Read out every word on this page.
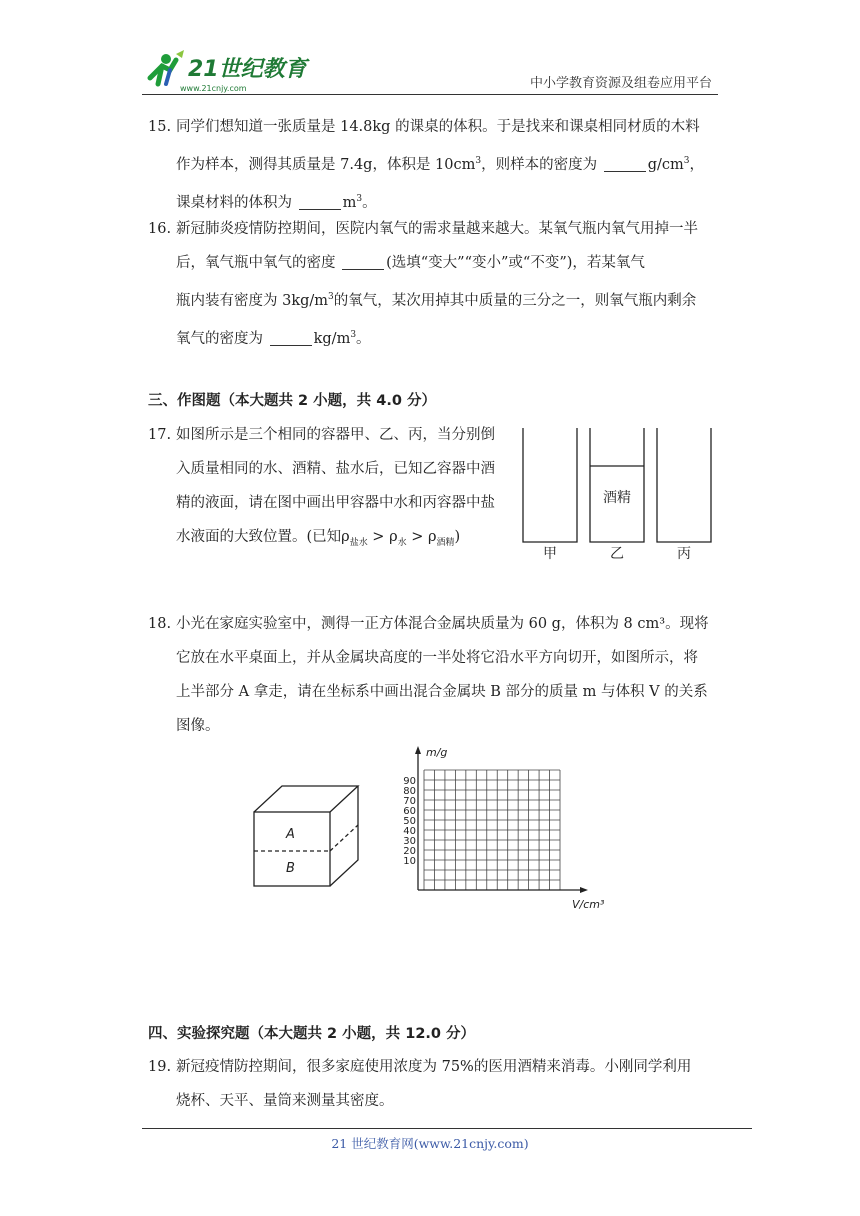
21世纪教育
www.21cnjy.com	中小学教育资源及组卷应用平台
15. 同学们想知道一张质量是 14.8kg 的课桌的体积。于是找来和课桌相同材质的木料
作为样本，测得其质量是 7.4g，体积是 $10cm^3$，则样本的密度为	$g/cm^3$，
课桌材料的体积为	$m^3$。
16. 新冠肺炎疫情防控期间，医院内氧气的需求量越来越大。某氧气瓶内氧气用掉一半
后，氧气瓶中氧气的密度	(选填“变大”“变小”或“不变”)，若某氧气
瓶内装有密度为 $3kg/m^3$的氧气，某次用掉其中质量的三分之一，则氧气瓶内剩余
氧气的密度为	$kg/m^3$。
三、作图题（本大题共 2 小题，共 4.0 分）
17. 如图所示是三个相同的容器甲、乙、丙，当分别倒
入质量相同的水、酒精、盐水后，已知乙容器中酒
精的液面，请在图中画出甲容器中水和丙容器中盐
水液面的大致位置。(已知$\rho_{盐水} > \rho_水 > \rho_{酒精}$)
酒精
甲	乙	丙
18. 小光在家庭实验室中，测得一正方体混合金属块质量为 60 g，体积为 8 cm³。现将
它放在水平桌面上，并从金属块高度的一半处将它沿水平方向切开，如图所示，将
上半部分 A 拿走，请在坐标系中画出混合金属块 B 部分的质量 m 与体积 V 的关系
图像。
A
B
m/g
V/cm³
90
80
70
60
50
40
30
20
10
四、实验探究题（本大题共 2 小题，共 12.0 分）
19. 新冠疫情防控期间，很多家庭使用浓度为 75%的医用酒精来消毒。小刚同学利用
烧杯、天平、量筒来测量其密度。
21 世纪教育网(www.21cnjy.com)
